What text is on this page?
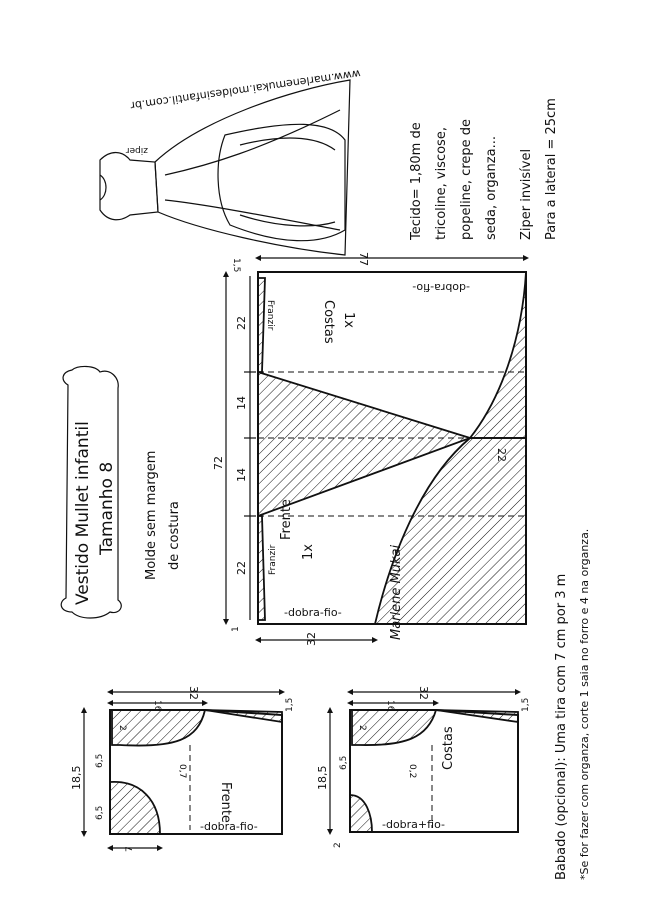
ziper
www.marlenemukai.moldesinfantil.com.br
Tecido= 1,80m de tricoline, viscose, popeline, crepe de seda, organza... Ziper invisível Para a lateral = 25cm
Vestido Mullet infantil Tamanho 8 Molde sem margem de costura
Costas 1x
Frente
1x
Franzir
Franzir
-dobra-fio-
-dobra-fio-
22
77
1,5
72
22
14
14
22
1
32	Marlene Mukai
Frente
-dobra-fio-
0,7
32
16
18,5
6,5
6,5
2
1,5
7
Costas
-dobra+fio-
0,2
32
16
18,5
6,5
2
1,5
2	Babado (opcional): Uma tira com 7 cm por 3 m *Se for fazer com organza, corte 1 saia no forro e 4 na organza.
